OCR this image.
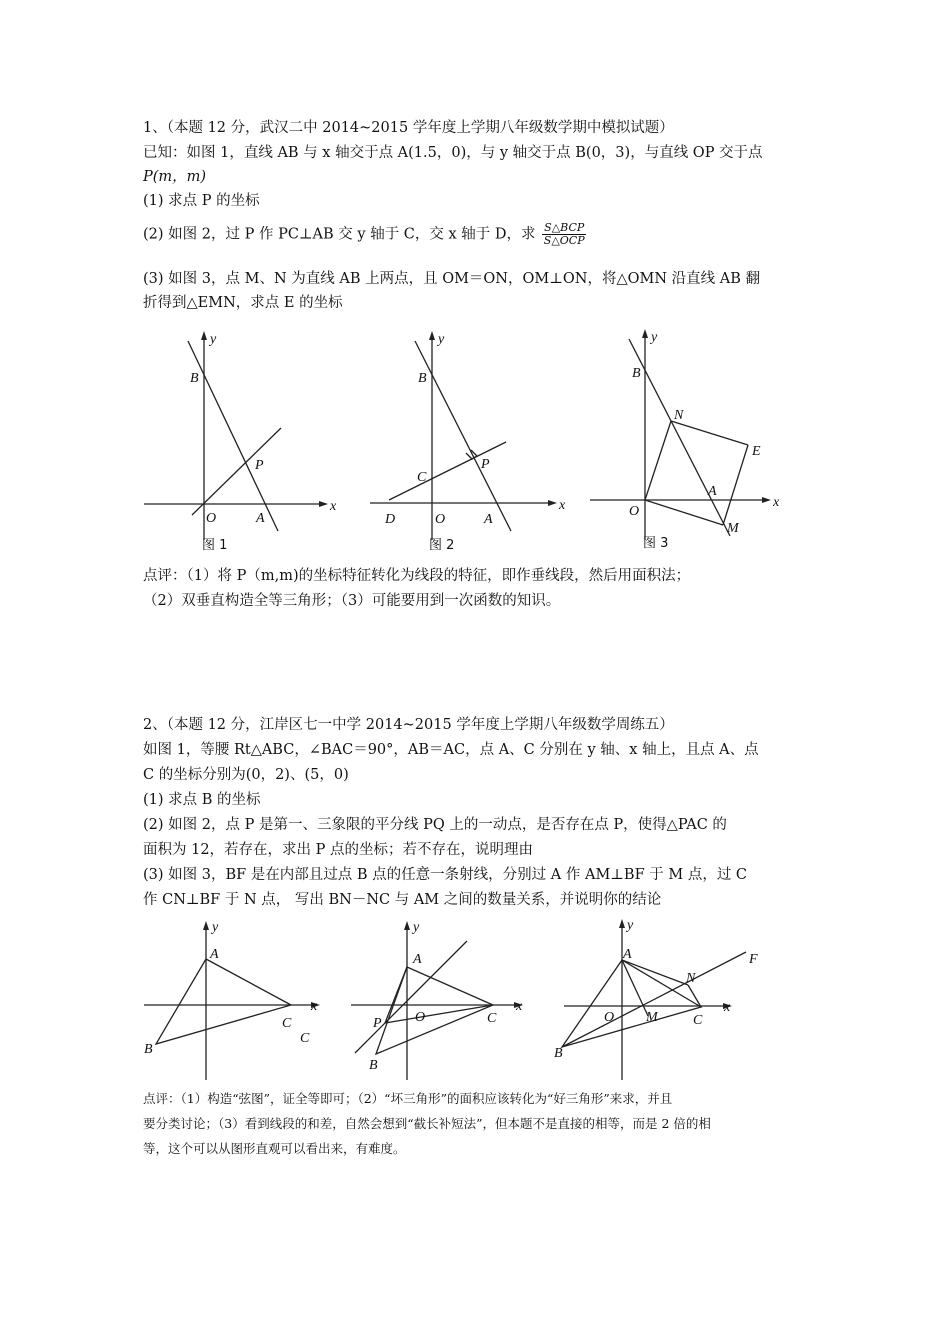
1、（本题 12 分，武汉二中 2014~2015 学年度上学期八年级数学期中模拟试题）
已知：如图 1，直线 AB 与 x 轴交于点 A(1.5，0)，与 y 轴交于点 B(0，3)，与直线 OP 交于点
P(m，m)
(1) 求点 P 的坐标
(2) 如图 2，过 P 作 PC⊥AB 交 y 轴于 C，交 x 轴于 D，求 $\frac{\text{S△BCP}}{\text{S△OCP}}$
(3) 如图 3，点 M、N 为直线 AB 上两点，且 OM＝ON，OM⊥ON，将△OMN 沿直线 AB 翻
折得到△EMN，求点 E 的坐标
y
x
B
P
O	A
图 1
y
x
B
C
P
D	O	A
图 2
y
x
B
N
E
A
O
M
图 3
点评：（1）将 P（m,m)的坐标特征转化为线段的特征，即作垂线段，然后用面积法；
（2）双垂直构造全等三角形；（3）可能要用到一次函数的知识。
2、（本题 12 分，江岸区七一中学 2014~2015 学年度上学期八年级数学周练五）
如图 1，等腰 Rt△ABC，∠BAC＝90°，AB＝AC，点 A、C 分别在 y 轴、x 轴上，且点 A、点
C 的坐标分别为(0，2)、(5，0)
(1) 求点 B 的坐标
(2) 如图 2，点 P 是第一、三象限的平分线 PQ 上的一动点，是否存在点 P，使得△PAC 的
面积为 12，若存在，求出 P 点的坐标；若不存在，说明理由
(3) 如图 3，BF 是在内部且过点 B 点的任意一条射线，分别过 A 作 AM⊥BF 于 M 点，过 C
作 CN⊥BF 于 N 点， 写出 BN－NC 与 AM 之间的数量关系，并说明你的结论
y
x
A
C
C
B
y
x
A
O	C
P
B
y
x
A
N
F
O M	C
B
点评：（1）构造“弦图”，证全等即可；（2）“坏三角形”的面积应该转化为“好三角形”来求，并且
要分类讨论；（3）看到线段的和差，自然会想到“截长补短法”，但本题不是直接的相等，而是 2 倍的相
等，这个可以从图形直观可以看出来，有难度。
